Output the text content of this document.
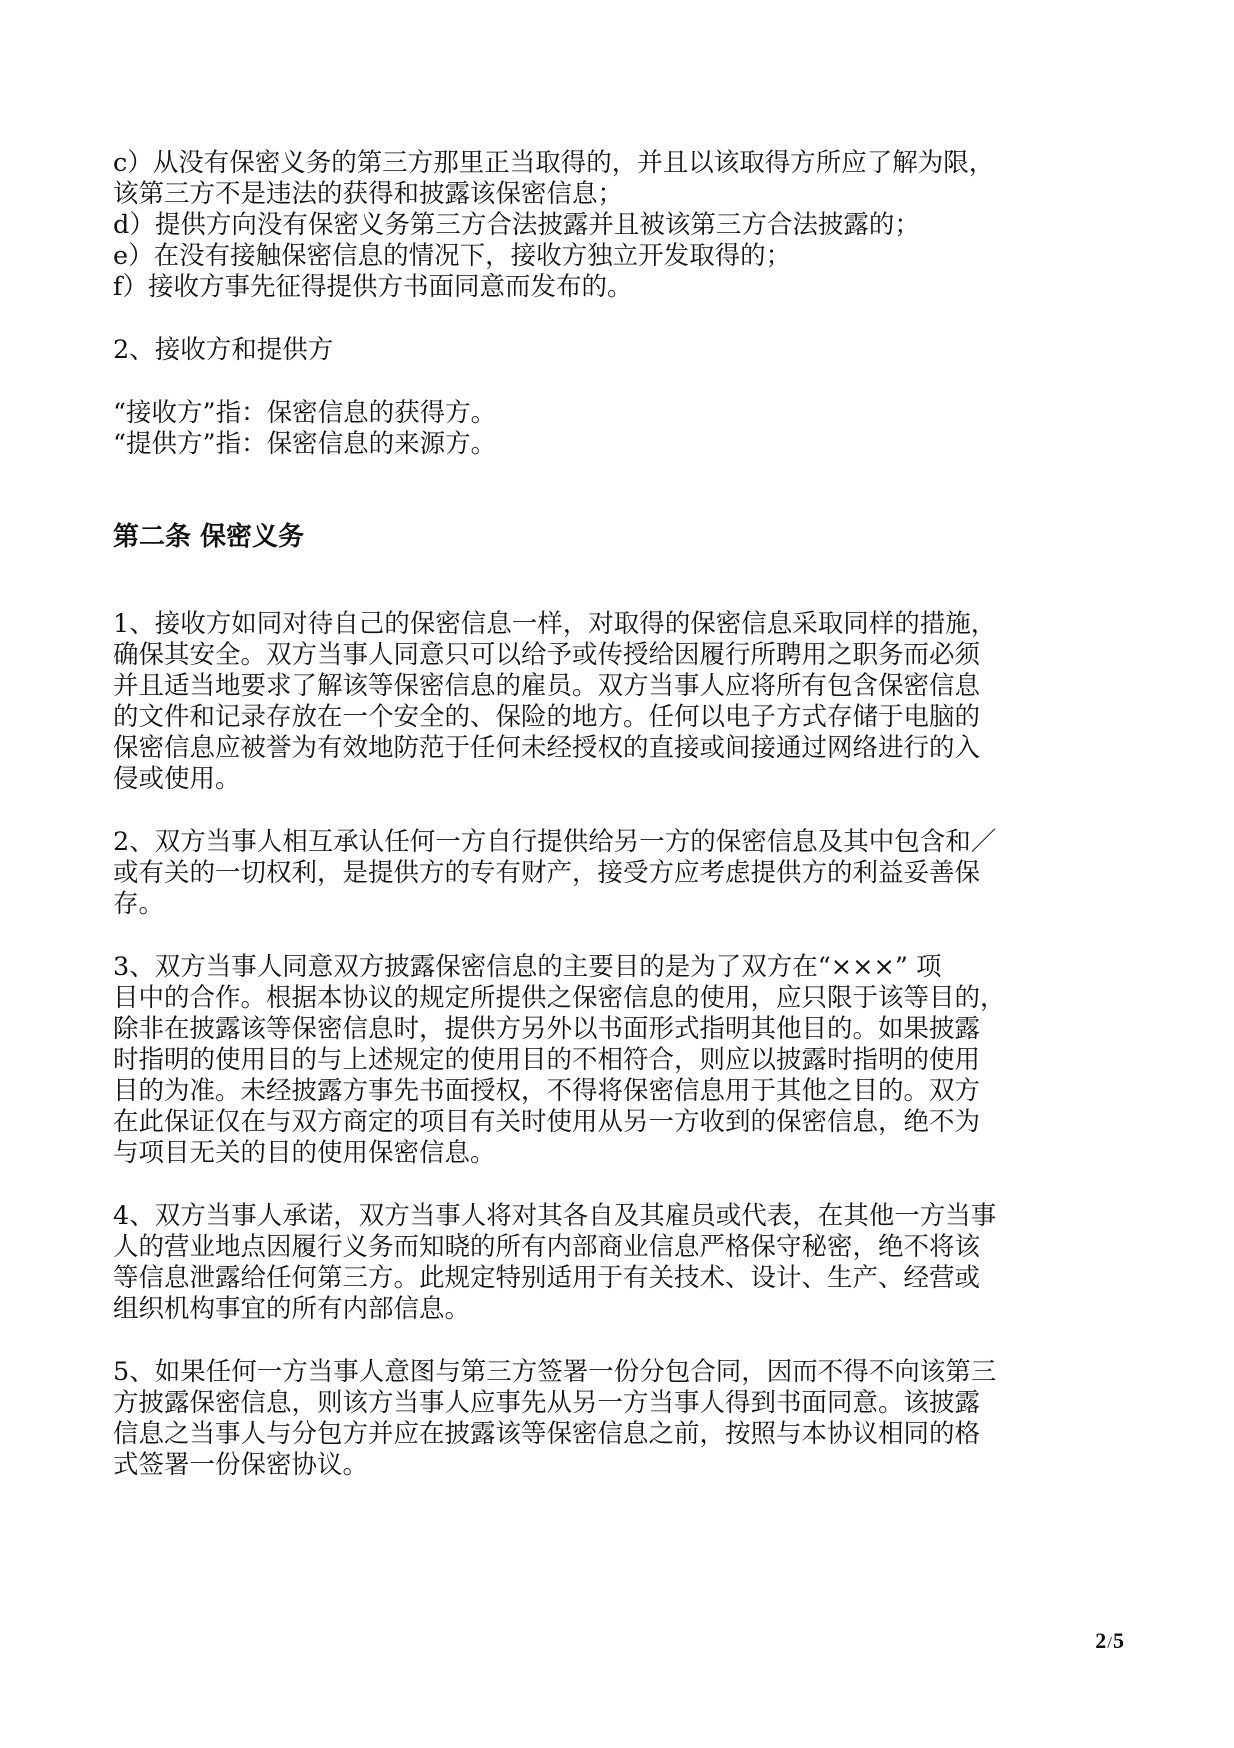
c）从没有保密义务的第三方那里正当取得的，并且以该取得方所应了解为限，
该第三方不是违法的获得和披露该保密信息；
d）提供方向没有保密义务第三方合法披露并且被该第三方合法披露的；
e）在没有接触保密信息的情况下，接收方独立开发取得的；
f）接收方事先征得提供方书面同意而发布的。
2、接收方和提供方
“接收方”指：保密信息的获得方。
“提供方”指：保密信息的来源方。
第二条 保密义务
1、接收方如同对待自己的保密信息一样，对取得的保密信息采取同样的措施，
确保其安全。双方当事人同意只可以给予或传授给因履行所聘用之职务而必须
并且适当地要求了解该等保密信息的雇员。双方当事人应将所有包含保密信息
的文件和记录存放在一个安全的、保险的地方。任何以电子方式存储于电脑的
保密信息应被誉为有效地防范于任何未经授权的直接或间接通过网络进行的入
侵或使用。
2、双方当事人相互承认任何一方自行提供给另一方的保密信息及其中包含和／
或有关的一切权利，是提供方的专有财产，接受方应考虑提供方的利益妥善保
存。
3、双方当事人同意双方披露保密信息的主要目的是为了双方在“×××” 项
目中的合作。根据本协议的规定所提供之保密信息的使用，应只限于该等目的，
除非在披露该等保密信息时，提供方另外以书面形式指明其他目的。如果披露
时指明的使用目的与上述规定的使用目的不相符合，则应以披露时指明的使用
目的为准。未经披露方事先书面授权，不得将保密信息用于其他之目的。双方
在此保证仅在与双方商定的项目有关时使用从另一方收到的保密信息，绝不为
与项目无关的目的使用保密信息。
4、双方当事人承诺，双方当事人将对其各自及其雇员或代表，在其他一方当事
人的营业地点因履行义务而知晓的所有内部商业信息严格保守秘密，绝不将该
等信息泄露给任何第三方。此规定特别适用于有关技术、设计、生产、经营或
组织机构事宜的所有内部信息。
5、如果任何一方当事人意图与第三方签署一份分包合同，因而不得不向该第三
方披露保密信息，则该方当事人应事先从另一方当事人得到书面同意。该披露
信息之当事人与分包方并应在披露该等保密信息之前，按照与本协议相同的格
式签署一份保密协议。
2/5
